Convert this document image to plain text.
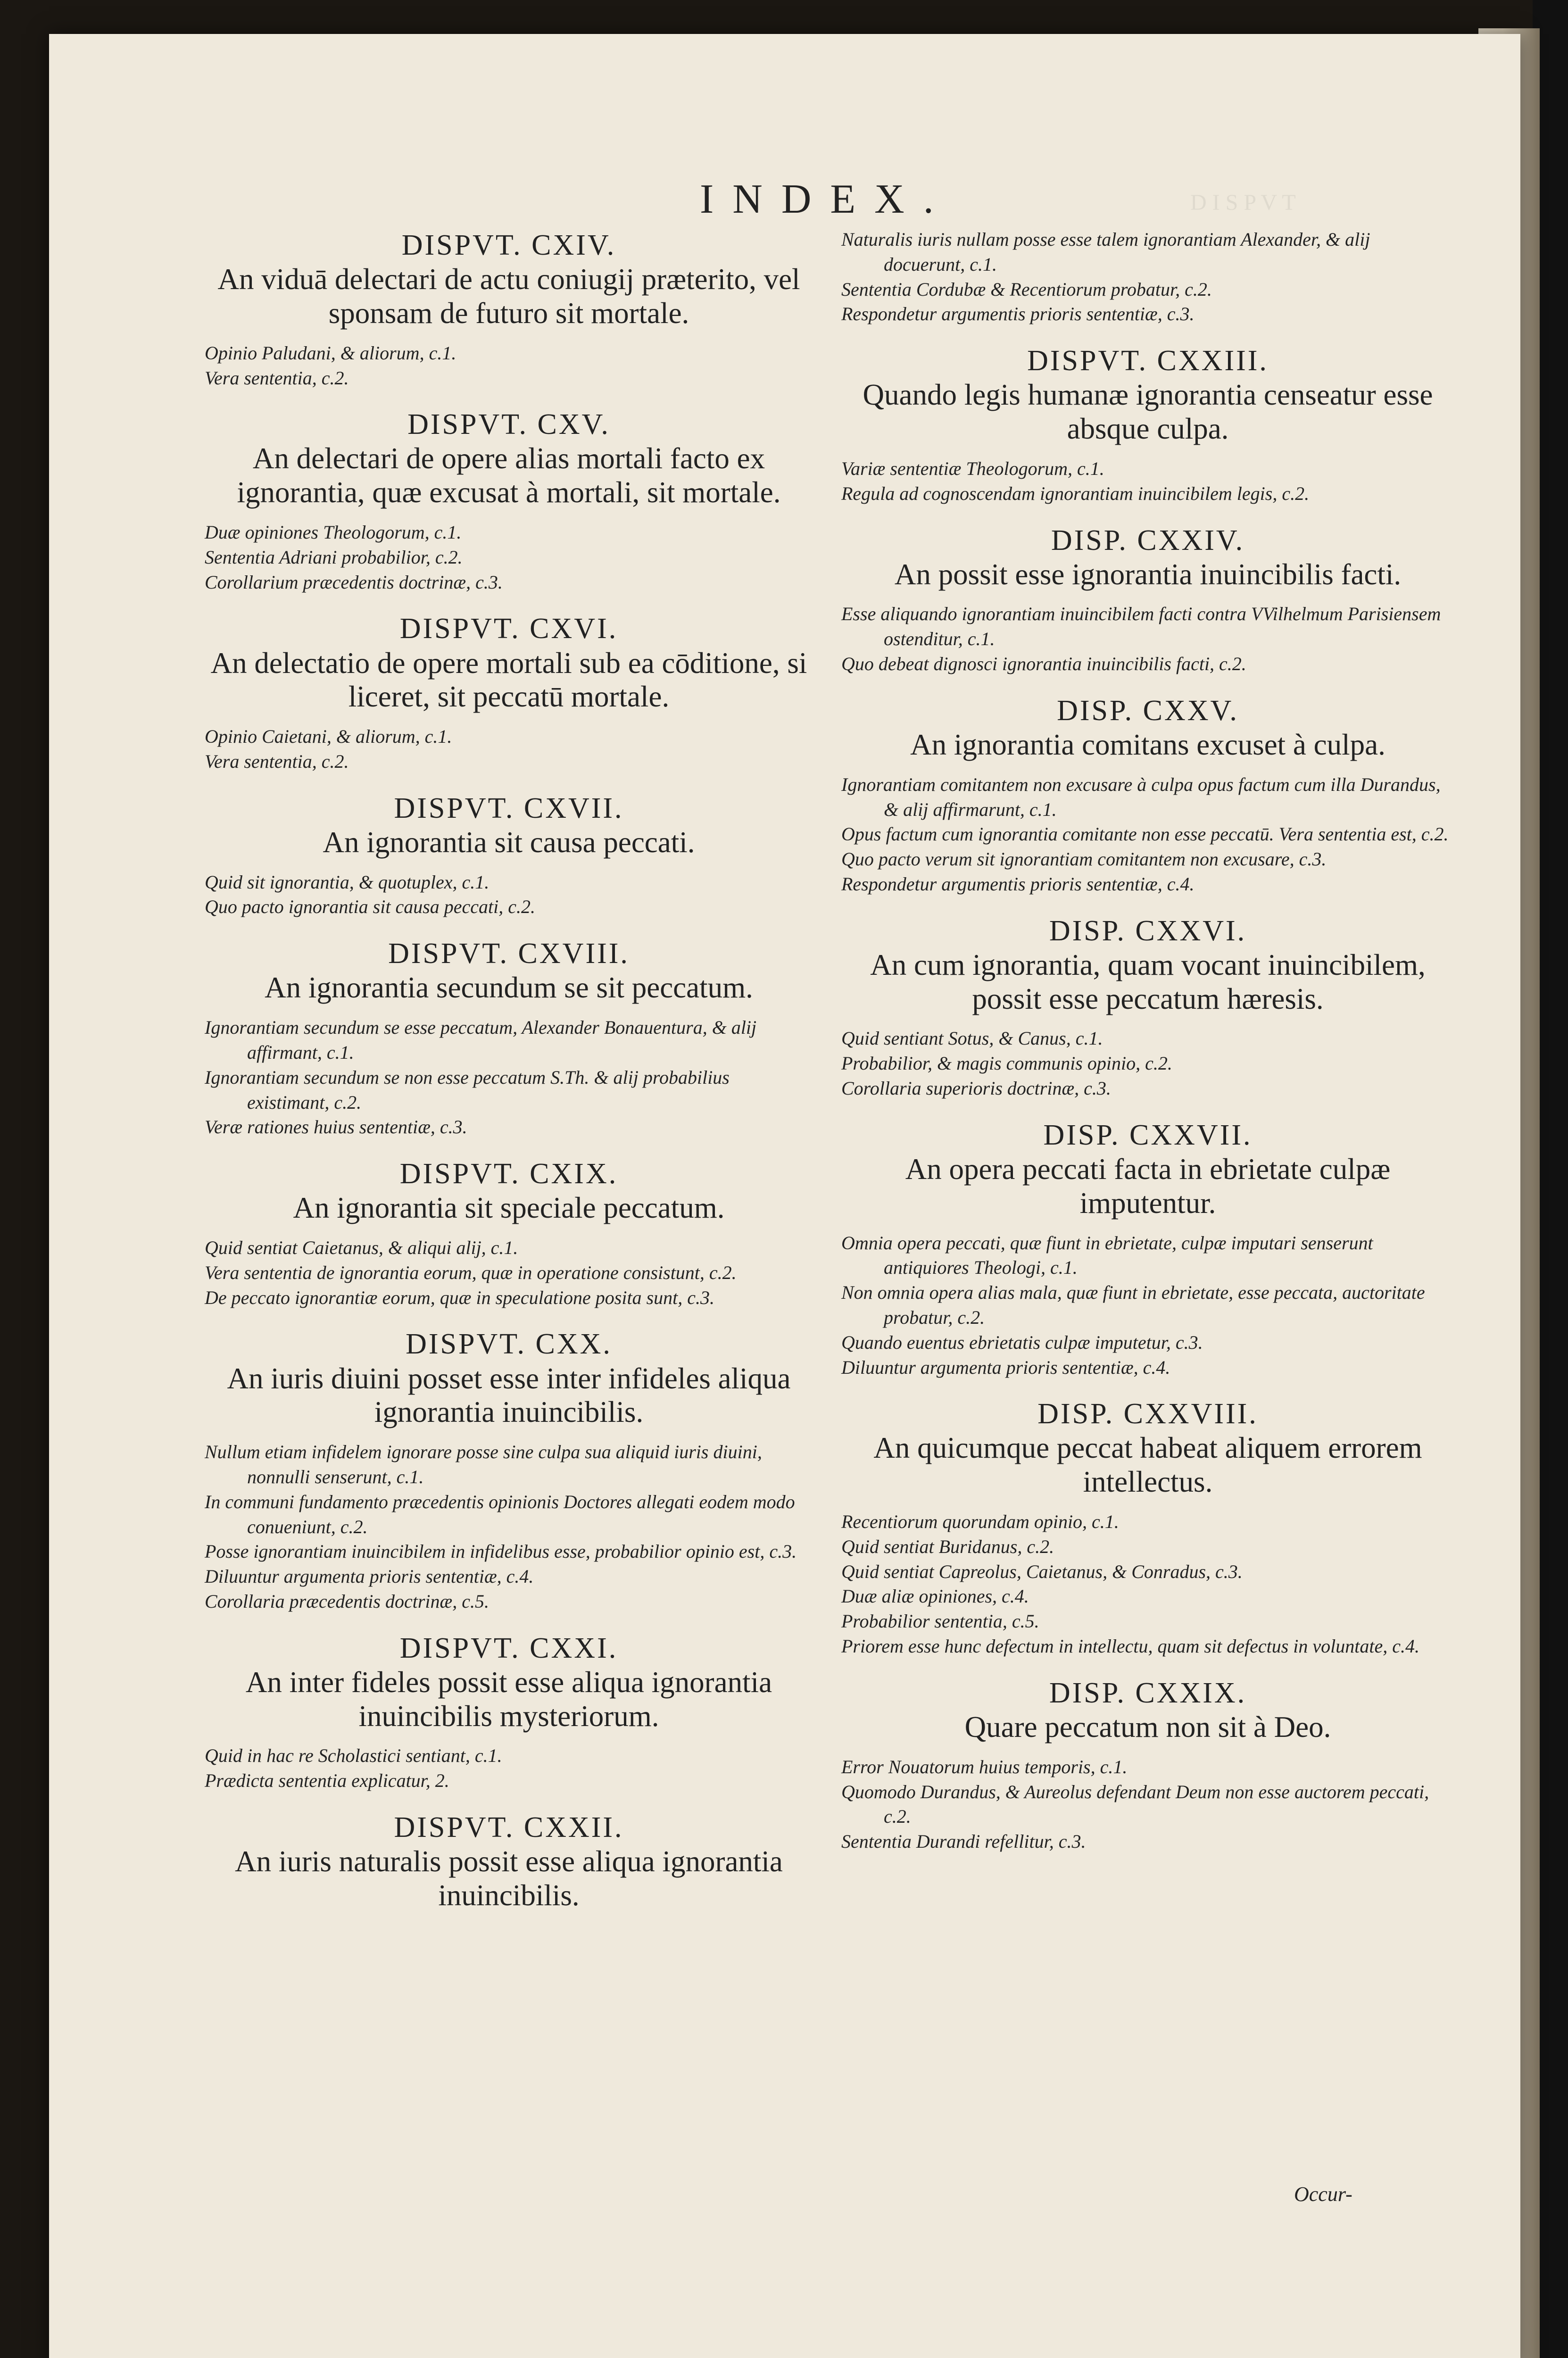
D I S P V T
INDEX.
DISPVT. CXIV.
An viduā delectari de actu coniugij præterito, vel sponsam de futuro sit mortale.

Opinio Paludani, & aliorum, c.1.

Vera sententia, c.2.

DISPVT. CXV.
An delectari de opere alias mortali facto ex ignorantia, quæ excusat à mortali, sit mortale.

Duæ opiniones Theologorum, c.1.

Sententia Adriani probabilior, c.2.

Corollarium præcedentis doctrinæ, c.3.

DISPVT. CXVI.
An delectatio de opere mortali sub ea cōditione, si liceret, sit peccatū mortale.

Opinio Caietani, & aliorum, c.1.

Vera sententia, c.2.

DISPVT. CXVII.
An ignorantia sit causa peccati.

Quid sit ignorantia, & quotuplex, c.1.

Quo pacto ignorantia sit causa peccati, c.2.

DISPVT. CXVIII.
An ignorantia secundum se sit peccatum.

Ignorantiam secundum se esse peccatum, Alexander Bonauentura, & alij affirmant, c.1.

Ignorantiam secundum se non esse peccatum S.Th. & alij probabilius existimant, c.2.

Veræ rationes huius sententiæ, c.3.

DISPVT. CXIX.
An ignorantia sit speciale peccatum.

Quid sentiat Caietanus, & aliqui alij, c.1.

Vera sententia de ignorantia eorum, quæ in operatione consistunt, c.2.

De peccato ignorantiæ eorum, quæ in speculatione posita sunt, c.3.

DISPVT. CXX.
An iuris diuini posset esse inter infideles aliqua ignorantia inuincibilis.

Nullum etiam infidelem ignorare posse sine culpa sua aliquid iuris diuini, nonnulli senserunt, c.1.

In communi fundamento præcedentis opinionis Doctores allegati eodem modo conueniunt, c.2.

Posse ignorantiam inuincibilem in infidelibus esse, probabilior opinio est, c.3.

Diluuntur argumenta prioris sententiæ, c.4.

Corollaria præcedentis doctrinæ, c.5.

DISPVT. CXXI.
An inter fideles possit esse aliqua ignorantia inuincibilis mysteriorum.

Quid in hac re Scholastici sentiant, c.1.

Prædicta sententia explicatur, 2.

DISPVT. CXXII.
An iuris naturalis possit esse aliqua ignorantia inuincibilis.

Naturalis iuris nullam posse esse talem ignorantiam Alexander, & alij docuerunt, c.1.

Sententia Cordubæ & Recentiorum probatur, c.2.

Respondetur argumentis prioris sententiæ, c.3.

DISPVT. CXXIII.
Quando legis humanæ ignorantia censeatur esse absque culpa.

Variæ sententiæ Theologorum, c.1.

Regula ad cognoscendam ignorantiam inuincibilem legis, c.2.

DISP. CXXIV.
An possit esse ignorantia inuincibilis facti.

Esse aliquando ignorantiam inuincibilem facti contra VVilhelmum Parisiensem ostenditur, c.1.

Quo debeat dignosci ignorantia inuincibilis facti, c.2.

DISP. CXXV.
An ignorantia comitans excuset à culpa.

Ignorantiam comitantem non excusare à culpa opus factum cum illa Durandus, & alij affirmarunt, c.1.

Opus factum cum ignorantia comitante non esse peccatū. Vera sententia est, c.2.

Quo pacto verum sit ignorantiam comitantem non excusare, c.3.

Respondetur argumentis prioris sententiæ, c.4.

DISP. CXXVI.
An cum ignorantia, quam vocant inuincibilem, possit esse peccatum hæresis.

Quid sentiant Sotus, & Canus, c.1.

Probabilior, & magis communis opinio, c.2.

Corollaria superioris doctrinæ, c.3.

DISP. CXXVII.
An opera peccati facta in ebrietate culpæ imputentur.

Omnia opera peccati, quæ fiunt in ebrietate, culpæ imputari senserunt antiquiores Theologi, c.1.

Non omnia opera alias mala, quæ fiunt in ebrietate, esse peccata, auctoritate probatur, c.2.

Quando euentus ebrietatis culpæ imputetur, c.3.

Diluuntur argumenta prioris sententiæ, c.4.

DISP. CXXVIII.
An quicumque peccat habeat aliquem errorem intellectus.

Recentiorum quorundam opinio, c.1.

Quid sentiat Buridanus, c.2.

Quid sentiat Capreolus, Caietanus, & Conradus, c.3.

Duæ aliæ opiniones, c.4.

Probabilior sententia, c.5.

Priorem esse hunc defectum in intellectu, quam sit defectus in voluntate, c.4.

DISP. CXXIX.
Quare peccatum non sit à Deo.

Error Nouatorum huius temporis, c.1.

Quomodo Durandus, & Aureolus defendant Deum non esse auctorem peccati, c.2.

Sententia Durandi refellitur, c.3.

Occur-
